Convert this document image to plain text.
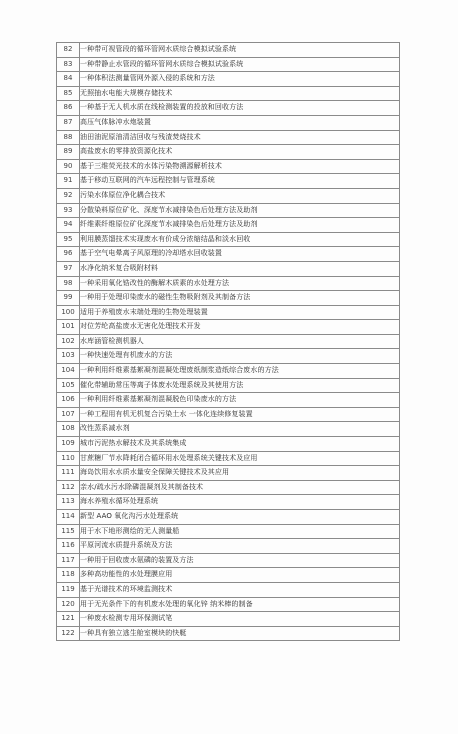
82	一种带可视管段的循环管网水质综合模拟试验系统
83	一种带静止水管段的循环管网水质综合模拟试验系统
84	一种体积法测量管网外源入侵的系统和方法
85	无照抽水电能大规模存储技术
86	一种基于无人机水质在线检测装置的投放和回收方法
87	高压气体脉冲水炮装置
88	油田油泥原油清洁回收与残渣焚烧技术
89	高盐废水的零排放资源化技术
90	基于三维荧光技术的水体污染物溯源解析技术
91	基于移动互联网的汽车远程控制与管理系统
92	污染水体原位净化耦合技术
93	分散染料原位矿化、深度节水减排染色后处理方法及助剂
94	纤维素纤维原位矿化深度节水减排染色后处理方法及助剂
95	利用膜蒸馏技术实现废水有价成分浓缩结晶和淡水回收
96	基于空气电晕离子风原理的冷却塔水回收装置
97	水净化纳米复合吸附材料
98	一种采用氧化锆改性的酶解木质素的水处理方法
99	一种用于处理印染废水的磁性生物吸附剂及其制备方法
100	适用于养殖废水末端处理的生物处理装置
101	对位芳纶高盐废水无害化处理技术开发
102	水库涵管检测机器人
103	一种快速处理有机废水的方法
104	一种利用纤维素基絮凝剂混凝处理废纸制浆造纸综合废水的方法
105	催化带辅助常压等离子体废水处理系统及其使用方法
106	一种利用纤维素基絮凝剂混凝脱色印染废水的方法
107	一种工程用有机无机复合污染土水 一体化连续修复装置
108	改性蒸系减水剂
109	城市污泥热水解技术及其系统集成
110	甘蔗糖厂节水降耗闭合循环用水处理系统关键技术及应用
111	海岛饮用水水质水量安全保障关键技术及其应用
112	亲水/疏水污水除磷混凝剂及其制备技术
113	海水养殖水循环处理系统
114	新型 AAO 氧化沟污水处理系统
115	用于水下地形测绘的无人测量船
116	平原河流水质提升系统及方法
117	一种用于回收废水氨磷的装置及方法
118	多种高功能性的水处理膜应用
119	基于光谱技术的环境监测技术
120	用于无光条件下的有机废水处理的氧化锌 纳米棒的制备
121	一种废水检测专用环保测试笔
122	一种具有独立逃生舱室模块的快艇
